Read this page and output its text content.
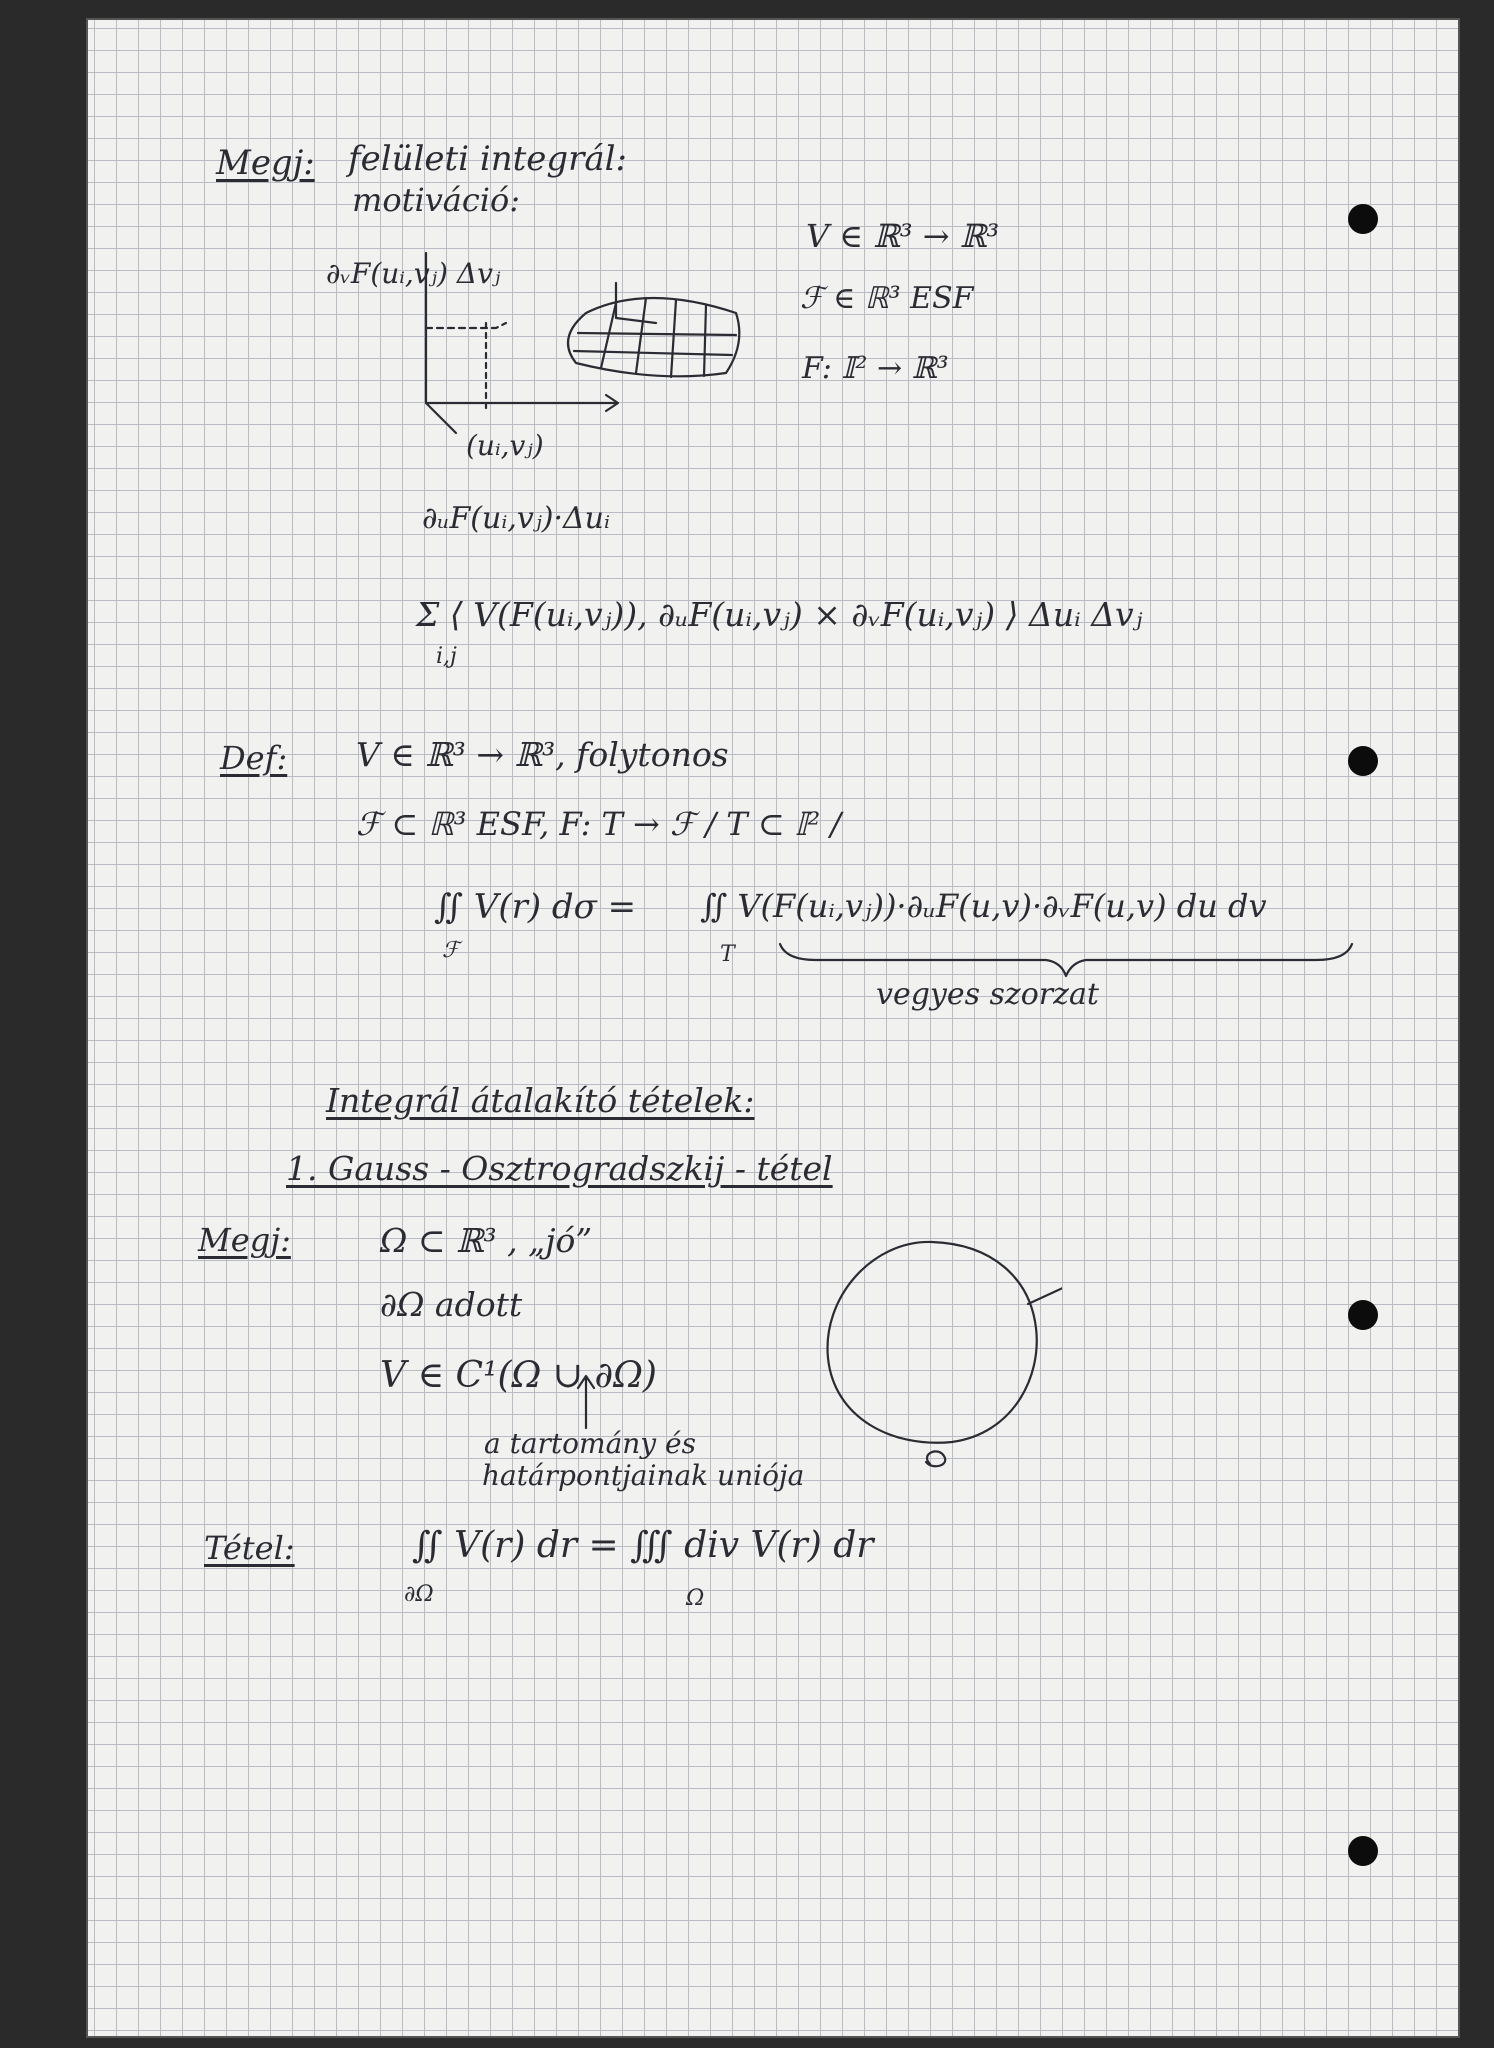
Megj: felületi integrál:
motiváció:
∂ᵥF(uᵢ,vⱼ) Δvⱼ
(uᵢ,vⱼ)
∂ᵤF(uᵢ,vⱼ)·Δuᵢ
V ∈ ℝ³ → ℝ³
ℱ ∈ ℝ³ ESF
F: 𝕀² → ℝ³
Σ ⟨ V(F(uᵢ,vⱼ)), ∂ᵤF(uᵢ,vⱼ) × ∂ᵥF(uᵢ,vⱼ) ⟩ Δuᵢ Δvⱼ
i,j
Def: V ∈ ℝ³ → ℝ³, folytonos
ℱ ⊂ ℝ³ ESF, F: T → ℱ / T ⊂ 𝕀² /
∬ V(r) dσ =
ℱ
∬ V(F(uᵢ,vⱼ))·∂ᵤF(u,v)·∂ᵥF(u,v) du dv
T
vegyes szorzat
Integrál átalakító tételek:
1. Gauss - Osztrogradszkij - tétel
Megj:	Ω ⊂ ℝ³ , „jó”
∂Ω adott
V ∈ C¹(Ω ∪ ∂Ω)
a tartomány és
határpontjainak uniója
Tétel:	∬ V(r) dr = ∭ div V(r) dr
∂Ω	Ω
